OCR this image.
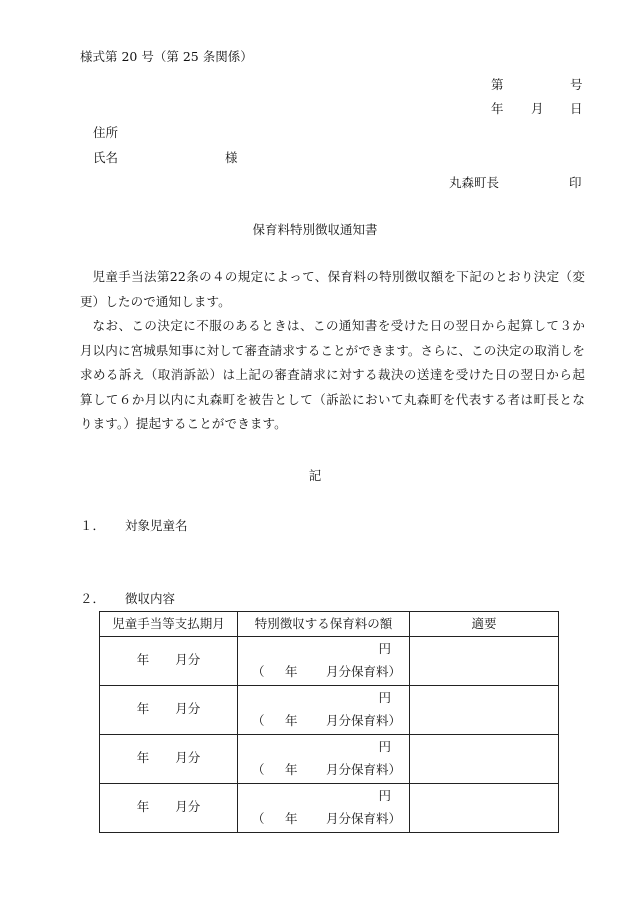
様式第 20 号（第 25 条関係）
第	号
年 月 日
住所
氏名	様
丸森町長	印
保育料特別徴収通知書

児童手当法第22条の４の規定によって、保育料の特別徴収額を下記のとおり決定（変更）したので通知します。

なお、この決定に不服のあるときは、この通知書を受けた日の翌日から起算して３か月以内に宮城県知事に対して審査請求することができます。さらに、この決定の取消しを求める訴え（取消訴訟）は上記の審査請求に対する裁決の送達を受けた日の翌日から起算して６か月以内に丸森町を被告として（訴訟において丸森町を代表する者は町長となります。）提起することができます。

記
１． 対象児童名
２． 徴収内容
児童手当等支払期月	特別徴収する保育料の額	適要

年 月分	円
（ 年 月分保育料）	

年 月分	円
（ 年 月分保育料）	

年 月分	円
（ 年 月分保育料）	

年 月分	円
（ 年 月分保育料）	
